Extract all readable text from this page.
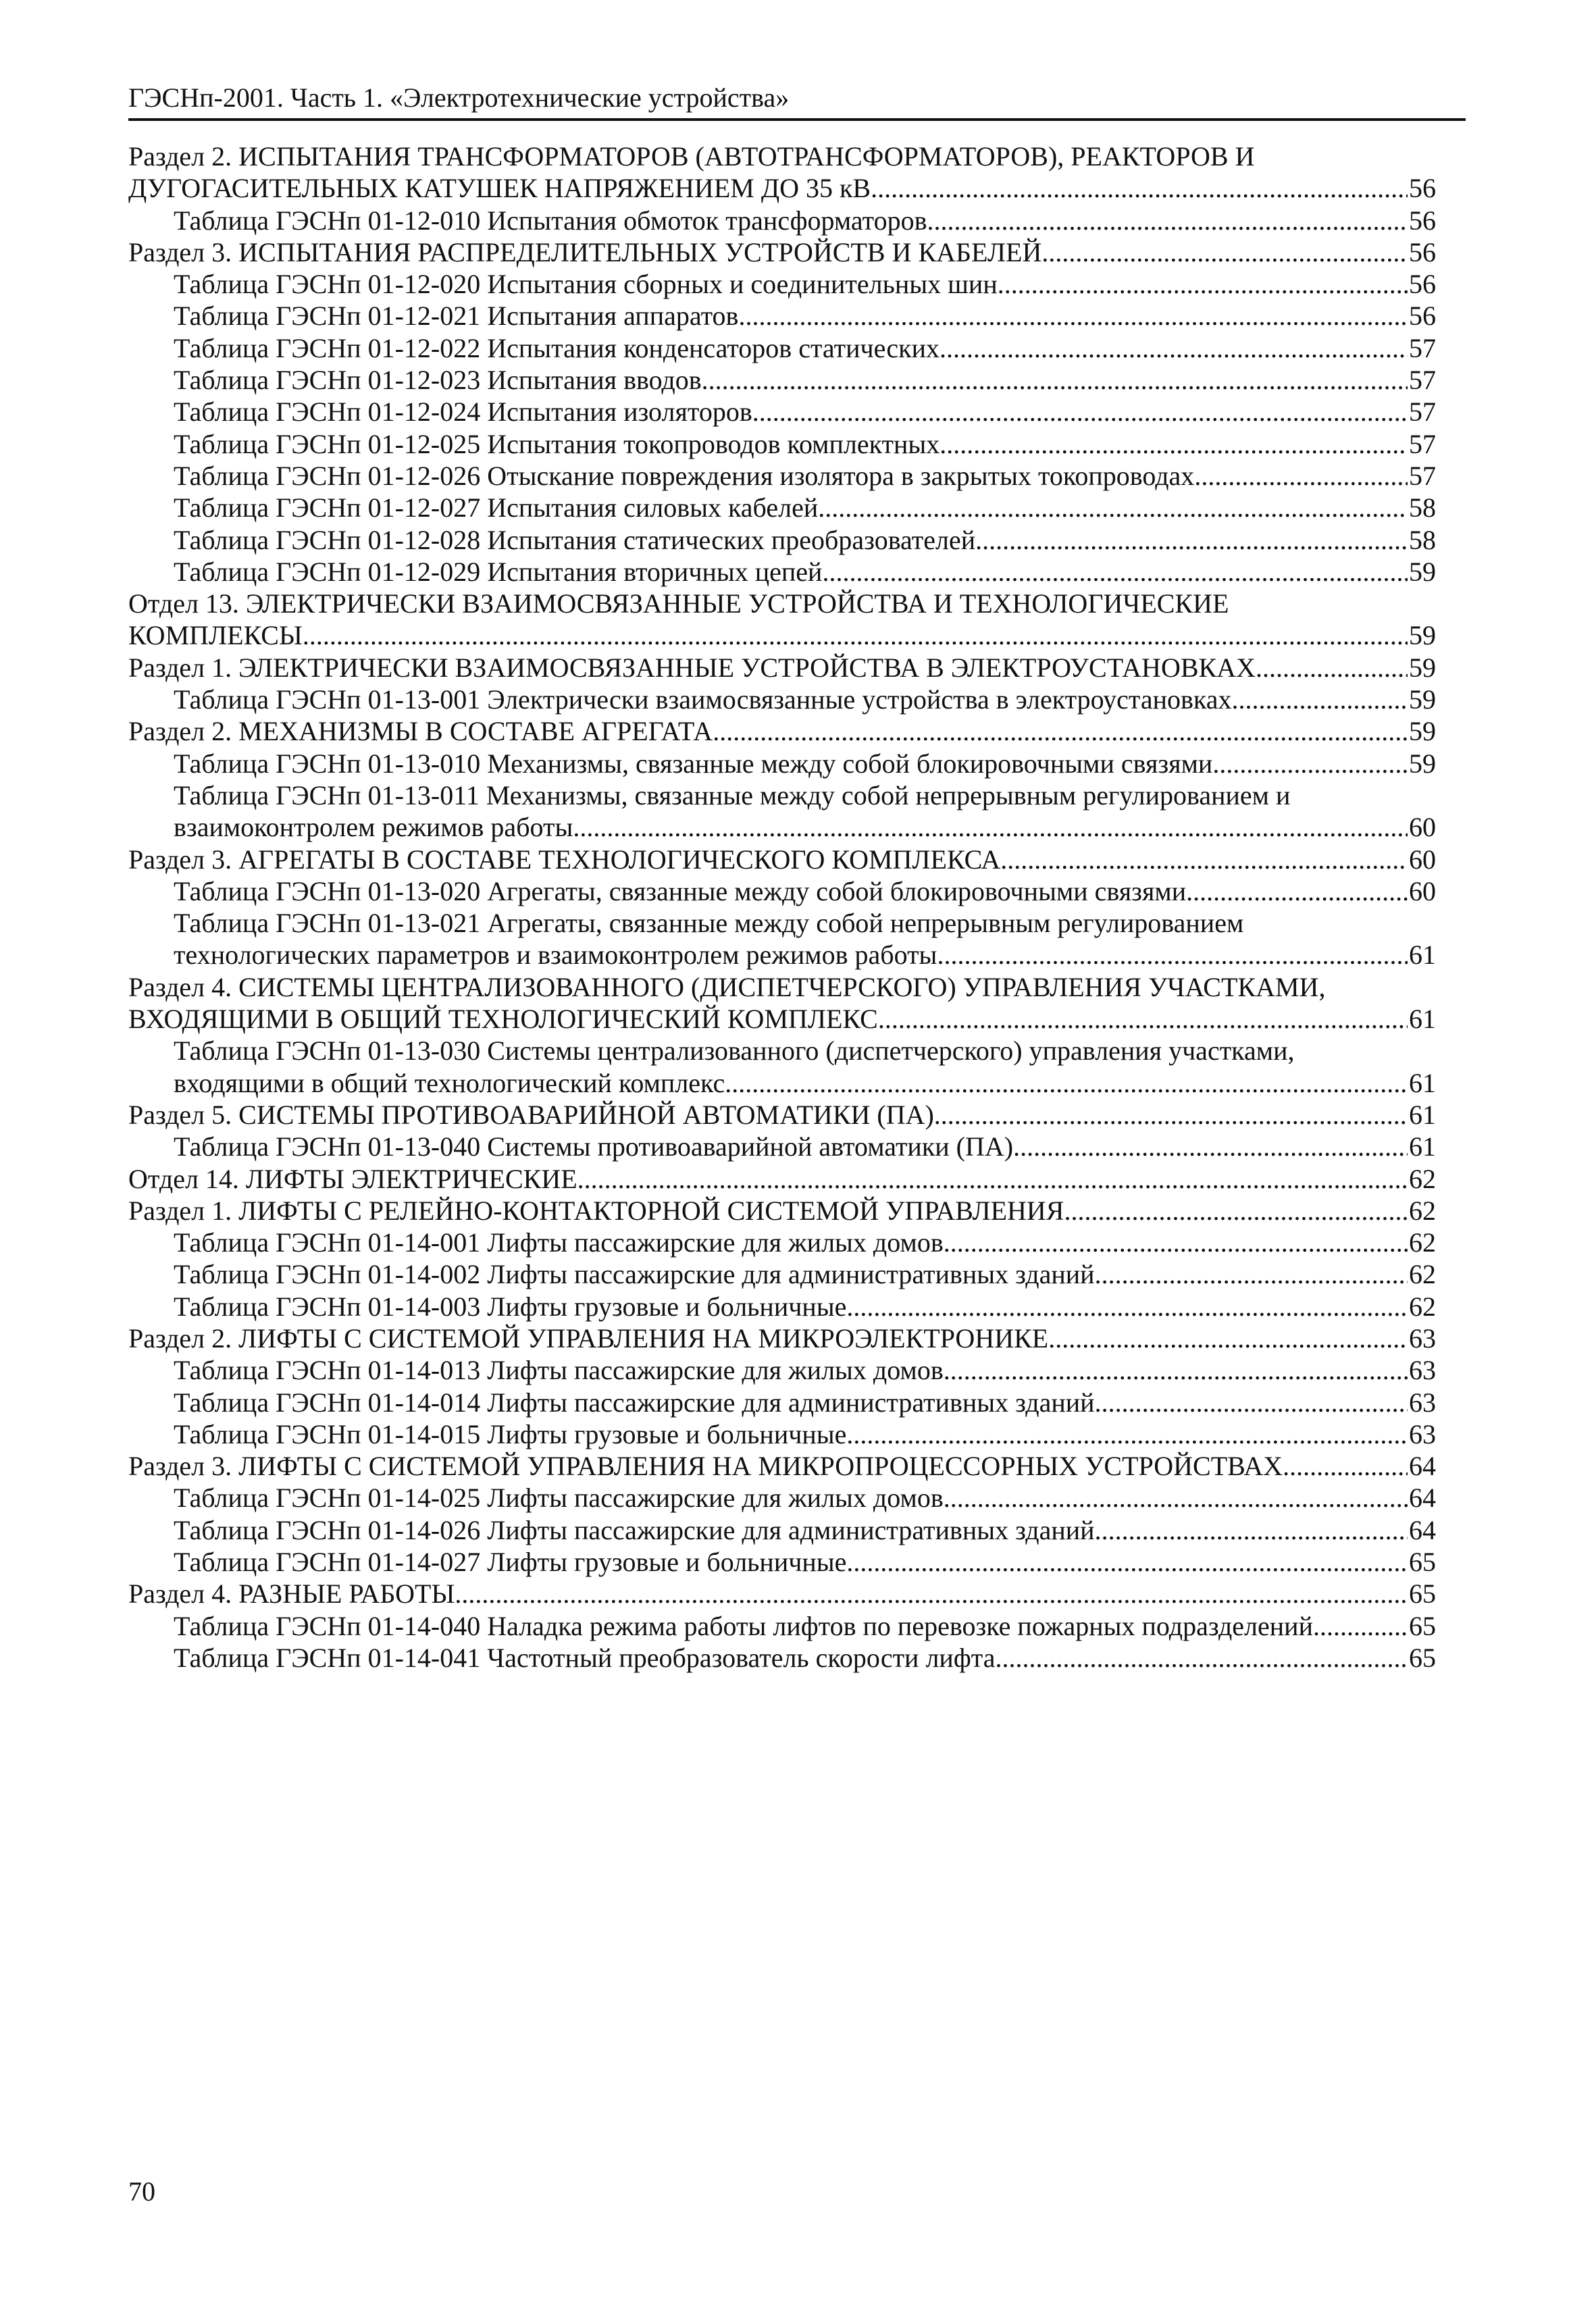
ГЭСНп-2001. Часть 1. «Электротехнические устройства»
Раздел 2. ИСПЫТАНИЯ ТРАНСФОРМАТОРОВ (АВТОТРАНСФОРМАТОРОВ), РЕАКТОРОВ И
ДУГОГАСИТЕЛЬНЫХ КАТУШЕК НАПРЯЖЕНИЕМ ДО 35 кВ .....	56
Таблица ГЭСНп 01-12-010 Испытания обмоток трансформаторов .....	56
Раздел 3. ИСПЫТАНИЯ РАСПРЕДЕЛИТЕЛЬНЫХ УСТРОЙСТВ И КАБЕЛЕЙ .....	56
Таблица ГЭСНп 01-12-020 Испытания сборных и соединительных шин .....	56
Таблица ГЭСНп 01-12-021 Испытания аппаратов .....	56
Таблица ГЭСНп 01-12-022 Испытания конденсаторов статических .....	57
Таблица ГЭСНп 01-12-023 Испытания вводов .....	57
Таблица ГЭСНп 01-12-024 Испытания изоляторов .....	57
Таблица ГЭСНп 01-12-025 Испытания токопроводов комплектных .....	57
Таблица ГЭСНп 01-12-026 Отыскание повреждения изолятора в закрытых токопроводах .....	57
Таблица ГЭСНп 01-12-027 Испытания силовых кабелей .....	58
Таблица ГЭСНп 01-12-028 Испытания статических преобразователей .....	58
Таблица ГЭСНп 01-12-029 Испытания вторичных цепей .....	59
Отдел 13. ЭЛЕКТРИЧЕСКИ ВЗАИМОСВЯЗАННЫЕ УСТРОЙСТВА И ТЕХНОЛОГИЧЕСКИЕ
КОМПЛЕКСЫ .....	59
Раздел 1. ЭЛЕКТРИЧЕСКИ ВЗАИМОСВЯЗАННЫЕ УСТРОЙСТВА В ЭЛЕКТРОУСТАНОВКАХ .....	59
Таблица ГЭСНп 01-13-001 Электрически взаимосвязанные устройства в электроустановках .....	59
Раздел 2. МЕХАНИЗМЫ В СОСТАВЕ АГРЕГАТА .....	59
Таблица ГЭСНп 01-13-010 Механизмы, связанные между собой блокировочными связями .....	59
Таблица ГЭСНп 01-13-011 Механизмы, связанные между собой непрерывным регулированием и
взаимоконтролем режимов работы .....	60
Раздел 3. АГРЕГАТЫ В СОСТАВЕ ТЕХНОЛОГИЧЕСКОГО КОМПЛЕКСА .....	60
Таблица ГЭСНп 01-13-020 Агрегаты, связанные между собой блокировочными связями .....	60
Таблица ГЭСНп 01-13-021 Агрегаты, связанные между собой непрерывным регулированием
технологических параметров и взаимоконтролем режимов работы .....	61
Раздел 4. СИСТЕМЫ ЦЕНТРАЛИЗОВАННОГО (ДИСПЕТЧЕРСКОГО) УПРАВЛЕНИЯ УЧАСТКАМИ,
ВХОДЯЩИМИ В ОБЩИЙ ТЕХНОЛОГИЧЕСКИЙ КОМПЛЕКС .....	61
Таблица ГЭСНп 01-13-030 Системы централизованного (диспетчерского) управления участками,
входящими в общий технологический комплекс .....	61
Раздел 5. СИСТЕМЫ ПРОТИВОАВАРИЙНОЙ АВТОМАТИКИ (ПА) .....	61
Таблица ГЭСНп 01-13-040 Системы противоаварийной автоматики (ПА) .....	61
Отдел 14. ЛИФТЫ ЭЛЕКТРИЧЕСКИЕ .....	62
Раздел 1. ЛИФТЫ С РЕЛЕЙНО-КОНТАКТОРНОЙ СИСТЕМОЙ УПРАВЛЕНИЯ .....	62
Таблица ГЭСНп 01-14-001 Лифты пассажирские для жилых домов .....	62
Таблица ГЭСНп 01-14-002 Лифты пассажирские для административных зданий .....	62
Таблица ГЭСНп 01-14-003 Лифты грузовые и больничные .....	62
Раздел 2. ЛИФТЫ С СИСТЕМОЙ УПРАВЛЕНИЯ НА МИКРОЭЛЕКТРОНИКЕ .....	63
Таблица ГЭСНп 01-14-013 Лифты пассажирские для жилых домов .....	63
Таблица ГЭСНп 01-14-014 Лифты пассажирские для административных зданий .....	63
Таблица ГЭСНп 01-14-015 Лифты грузовые и больничные .....	63
Раздел 3. ЛИФТЫ С СИСТЕМОЙ УПРАВЛЕНИЯ НА МИКРОПРОЦЕССОРНЫХ УСТРОЙСТВАХ .....	64
Таблица ГЭСНп 01-14-025 Лифты пассажирские для жилых домов .....	64
Таблица ГЭСНп 01-14-026 Лифты пассажирские для административных зданий .....	64
Таблица ГЭСНп 01-14-027 Лифты грузовые и больничные .....	65
Раздел 4. РАЗНЫЕ РАБОТЫ .....	65
Таблица ГЭСНп 01-14-040 Наладка режима работы лифтов по перевозке пожарных подразделений .....	65
Таблица ГЭСНп 01-14-041 Частотный преобразователь скорости лифта .....	65
70
